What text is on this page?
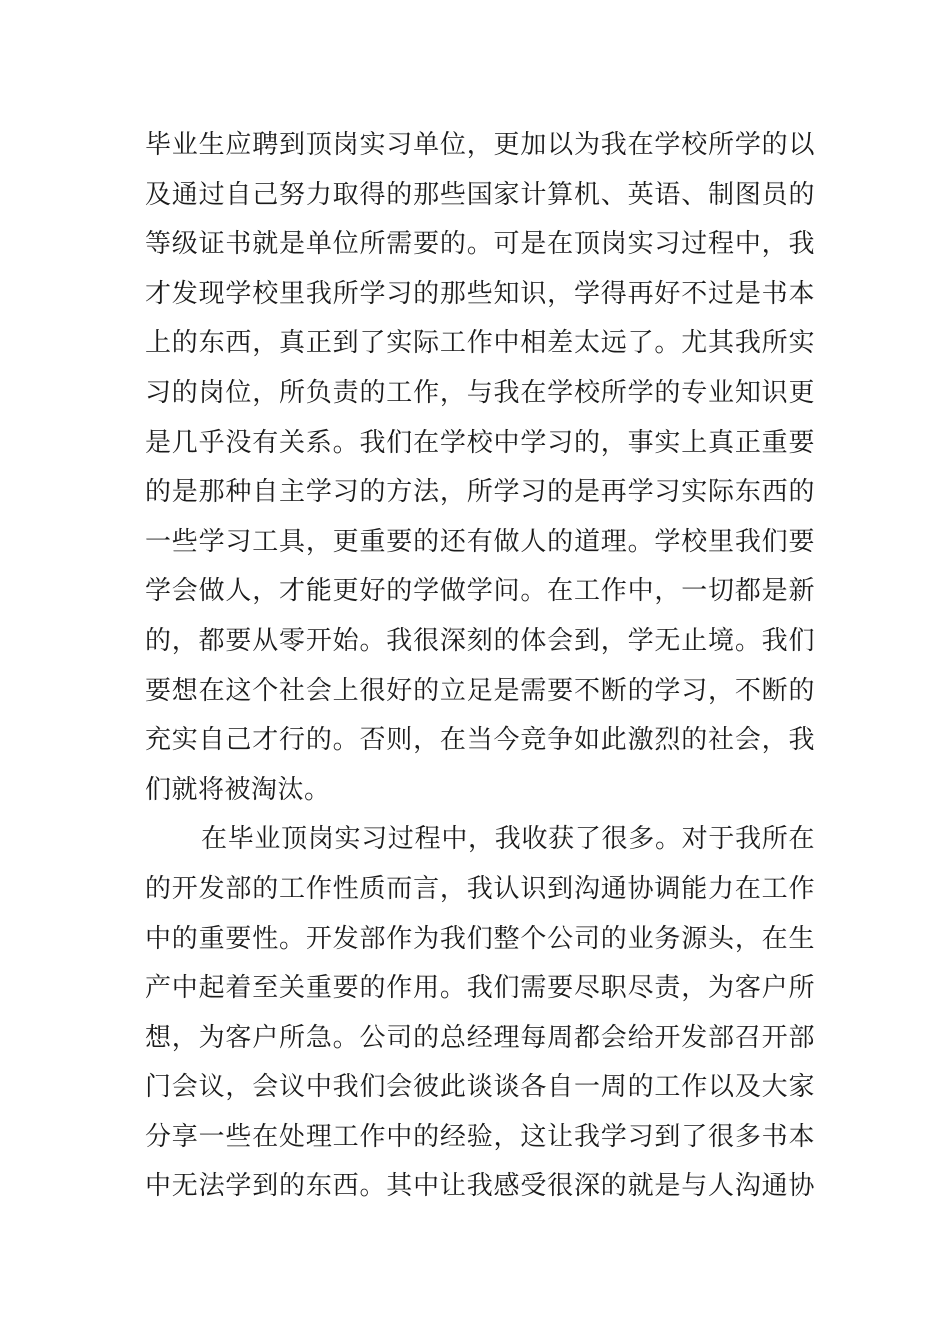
毕业生应聘到顶岗实习单位，更加以为我在学校所学的以
及通过自己努力取得的那些国家计算机、英语、制图员的
等级证书就是单位所需要的。可是在顶岗实习过程中，我
才发现学校里我所学习的那些知识，学得再好不过是书本
上的东西，真正到了实际工作中相差太远了。尤其我所实
习的岗位，所负责的工作，与我在学校所学的专业知识更
是几乎没有关系。我们在学校中学习的，事实上真正重要
的是那种自主学习的方法，所学习的是再学习实际东西的
一些学习工具，更重要的还有做人的道理。学校里我们要
学会做人，才能更好的学做学问。在工作中，一切都是新
的，都要从零开始。我很深刻的体会到，学无止境。我们
要想在这个社会上很好的立足是需要不断的学习，不断的
充实自己才行的。否则，在当今竞争如此激烈的社会，我
们就将被淘汰。
在毕业顶岗实习过程中，我收获了很多。对于我所在
的开发部的工作性质而言，我认识到沟通协调能力在工作
中的重要性。开发部作为我们整个公司的业务源头，在生
产中起着至关重要的作用。我们需要尽职尽责，为客户所
想，为客户所急。公司的总经理每周都会给开发部召开部
门会议，会议中我们会彼此谈谈各自一周的工作以及大家
分享一些在处理工作中的经验，这让我学习到了很多书本
中无法学到的东西。其中让我感受很深的就是与人沟通协
